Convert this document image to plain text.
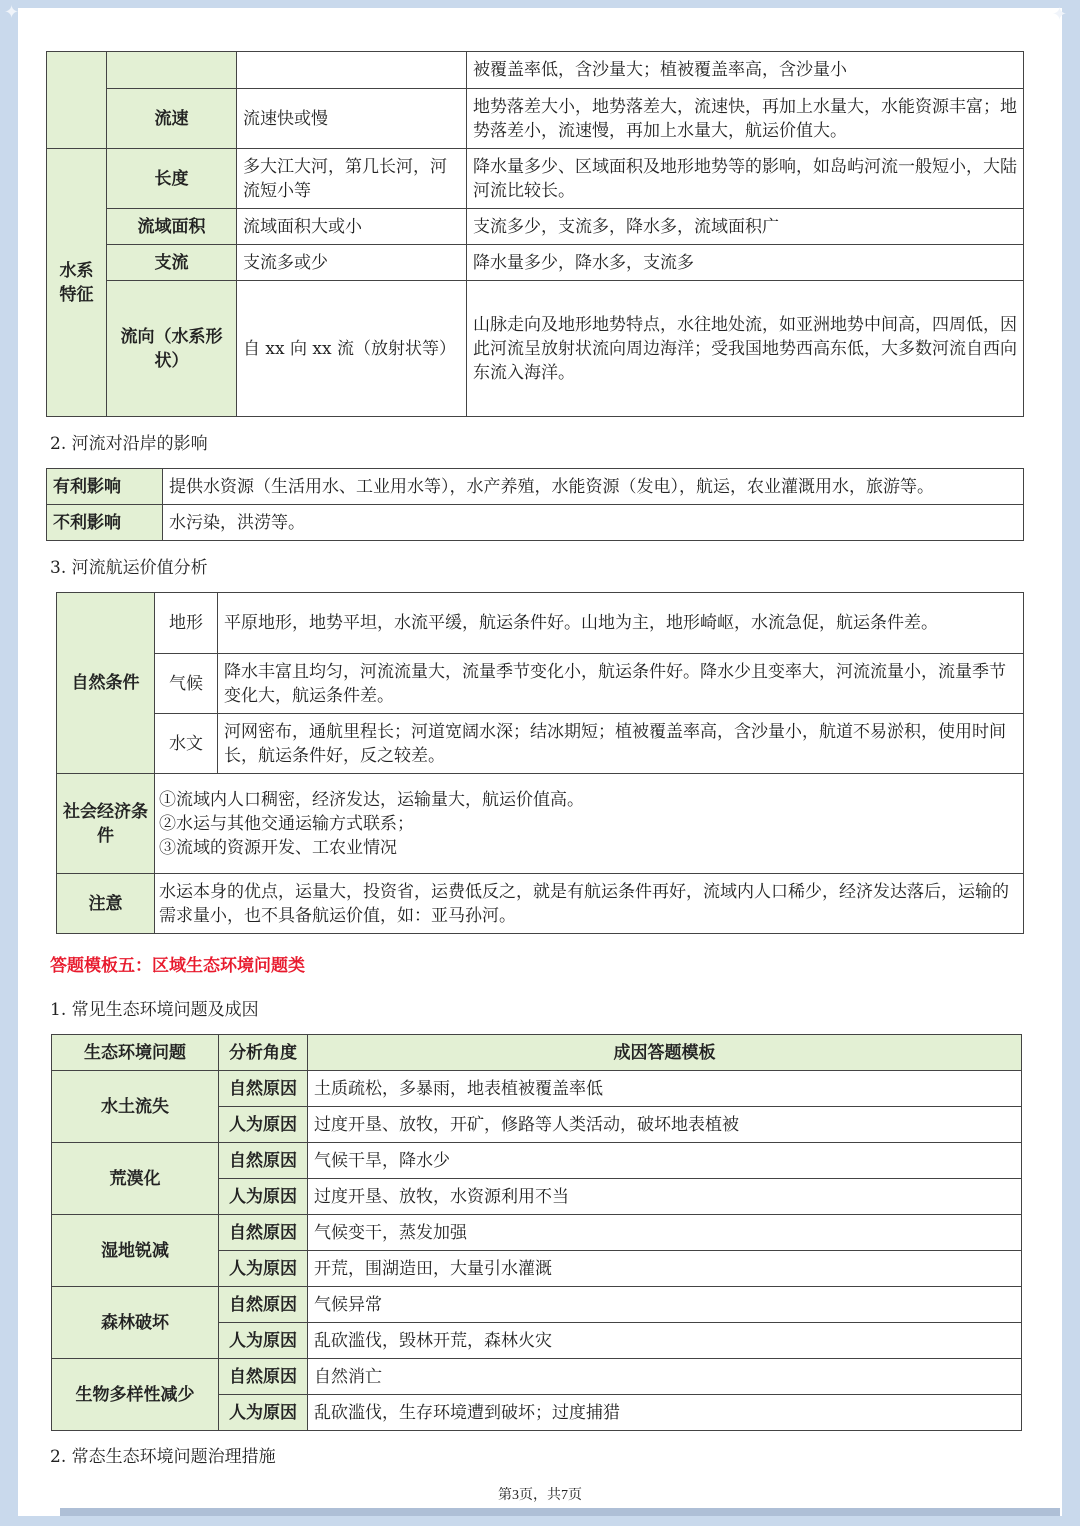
			被覆盖率低，含沙量大；植被覆盖率高，含沙量小
	流速	流速快或慢	地势落差大小，地势落差大，流速快，再加上水量大，水能资源丰富；地势落差小，流速慢，再加上水量大，航运价值大。
水系特征	长度	多大江大河，第几长河，河流短小等	降水量多少、区域面积及地形地势等的影响，如岛屿河流一般短小，大陆河流比较长。
	流域面积	流域面积大或小	支流多少，支流多，降水多，流域面积广
	支流	支流多或少	降水量多少，降水多，支流多
	流向（水系形状）	自 xx 向 xx 流（放射状等）	山脉走向及地形地势特点，水往地处流，如亚洲地势中间高，四周低，因此河流呈放射状流向周边海洋；受我国地势西高东低，大多数河流自西向东流入海洋。
2. 河流对沿岸的影响
有利影响	提供水资源（生活用水、工业用水等），水产养殖，水能资源（发电），航运，农业灌溉用水，旅游等。
不利影响	水污染，洪涝等。
3. 河流航运价值分析
自然条件	地形	平原地形，地势平坦，水流平缓，航运条件好。山地为主，地形崎岖，水流急促，航运条件差。
	气候	降水丰富且均匀，河流流量大，流量季节变化小，航运条件好。降水少且变率大，河流流量小，流量季节变化大，航运条件差。
	水文	河网密布，通航里程长；河道宽阔水深；结冰期短；植被覆盖率高，含沙量小，航道不易淤积，使用时间长，航运条件好，反之较差。
社会经济条件	①流域内人口稠密，经济发达，运输量大，航运价值高。
②水运与其他交通运输方式联系；
③流域的资源开发、工农业情况	

注意	水运本身的优点，运量大，投资省，运费低反之，就是有航运条件再好，流域内人口稀少，经济发达落后，运输的需求量小，也不具备航运价值，如：亚马孙河。	
答题模板五：区域生态环境问题类
1. 常见生态环境问题及成因
生态环境问题	分析角度	成因答题模板
水土流失	自然原因	土质疏松，多暴雨，地表植被覆盖率低
	人为原因	过度开垦、放牧，开矿，修路等人类活动，破坏地表植被
荒漠化	自然原因	气候干旱，降水少
	人为原因	过度开垦、放牧，水资源利用不当
湿地锐减	自然原因	气候变干，蒸发加强
	人为原因	开荒，围湖造田，大量引水灌溉
森林破坏	自然原因	气候异常
	人为原因	乱砍滥伐，毁林开荒，森林火灾
生物多样性减少	自然原因	自然消亡
	人为原因	乱砍滥伐，生存环境遭到破坏；过度捕猎
2. 常态生态环境问题治理措施
第3页，共7页
✦	✦
